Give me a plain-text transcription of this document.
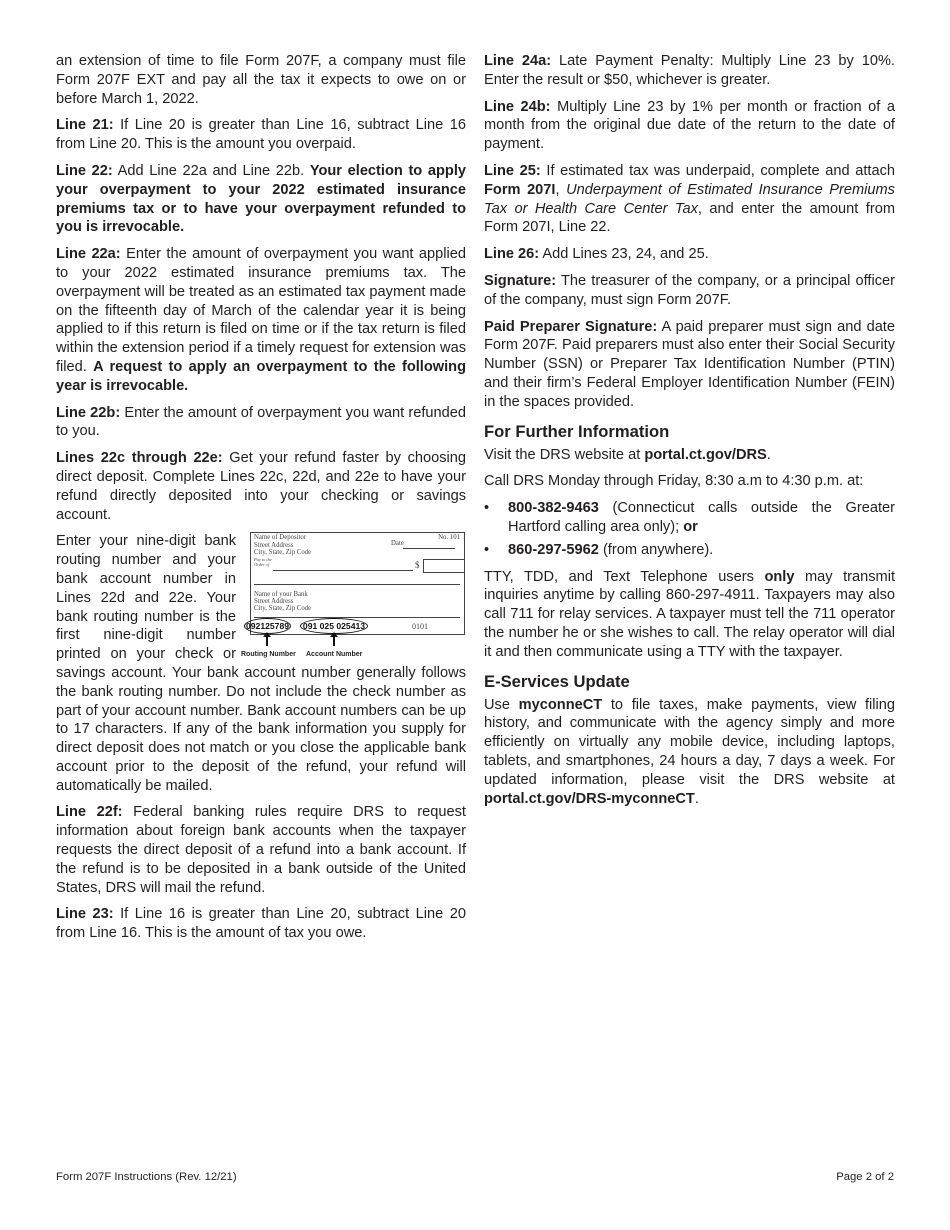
an extension of time to file Form 207F, a company must file Form 207F EXT and pay all the tax it expects to owe on or before March 1, 2022.

Line 21: If Line 20 is greater than Line 16, subtract Line 16 from Line 20. This is the amount you overpaid.

Line 22: Add Line 22a and Line 22b. Your election to apply your overpayment to your 2022 estimated insurance premiums tax or to have your overpayment refunded to you is irrevocable.

Line 22a: Enter the amount of overpayment you want applied to your 2022 estimated insurance premiums tax. The overpayment will be treated as an estimated tax payment made on the fifteenth day of March of the calendar year it is being applied to if this return is filed on time or if the tax return is filed within the extension period if a timely request for extension was filed. A request to apply an overpayment to the following year is irrevocable.

Line 22b: Enter the amount of overpayment you want refunded to you.

Lines 22c through 22e: Get your refund faster by choosing direct deposit. Complete Lines 22c, 22d, and 22e to have your refund directly deposited into your checking or savings account.

Name of Depositor	No. 101
Street Address	Date
City, State, Zip Code
Pay to the
Order of	$
Name of your Bank
Street Address
City, State, Zip Code
0101
092125789	091 025 025413
Routing Number Account Number

Enter your nine-digit bank routing number and your bank account number in Lines 22d and 22e. Your bank routing number is the first nine-digit number printed on your check or savings account. Your bank account number generally follows the bank routing number. Do not include the check number as part of your account number. Bank account numbers can be up to 17 characters. If any of the bank information you supply for direct deposit does not match or you close the applicable bank account prior to the deposit of the refund, your refund will automatically be mailed.

Line 22f: Federal banking rules require DRS to request information about foreign bank accounts when the taxpayer requests the direct deposit of a refund into a bank account. If the refund is to be deposited in a bank outside of the United States, DRS will mail the refund.

Line 23: If Line 16 is greater than Line 20, subtract Line 20 from Line 16. This is the amount of tax you owe.

Line 24a: Late Payment Penalty: Multiply Line 23 by 10%. Enter the result or $50, whichever is greater.

Line 24b: Multiply Line 23 by 1% per month or fraction of a month from the original due date of the return to the date of payment.

Line 25: If estimated tax was underpaid, complete and attach Form 207I, Underpayment of Estimated Insurance Premiums Tax or Health Care Center Tax, and enter the amount from Form 207I, Line 22.

Line 26: Add Lines 23, 24, and 25.

Signature: The treasurer of the company, or a principal officer of the company, must sign Form 207F.

Paid Preparer Signature: A paid preparer must sign and date Form 207F. Paid preparers must also enter their Social Security Number (SSN) or Preparer Tax Identification Number (PTIN) and their firm’s Federal Employer Identification Number (FEIN) in the spaces provided.

For Further Information

Visit the DRS website at portal.ct.gov/DRS.

Call DRS Monday through Friday, 8:30 a.m to 4:30 p.m. at:

• 800-382-9463 (Connecticut calls outside the Greater Hartford calling area only); or
• 860-297-5962 (from anywhere).

TTY, TDD, and Text Telephone users only may transmit inquiries anytime by calling 860-297-4911. Taxpayers may also call 711 for relay services. A taxpayer must tell the 711 operator the number he or she wishes to call. The relay operator will dial it and then communicate using a TTY with the taxpayer.

E-Services Update

Use myconneCT to file taxes, make payments, view filing history, and communicate with the agency simply and more efficiently on virtually any mobile device, including laptops, tablets, and smartphones, 24 hours a day, 7 days a week. For updated information, please visit the DRS website at portal.ct.gov/DRS-myconneCT.

Form 207F Instructions (Rev. 12/21)	Page 2 of 2
